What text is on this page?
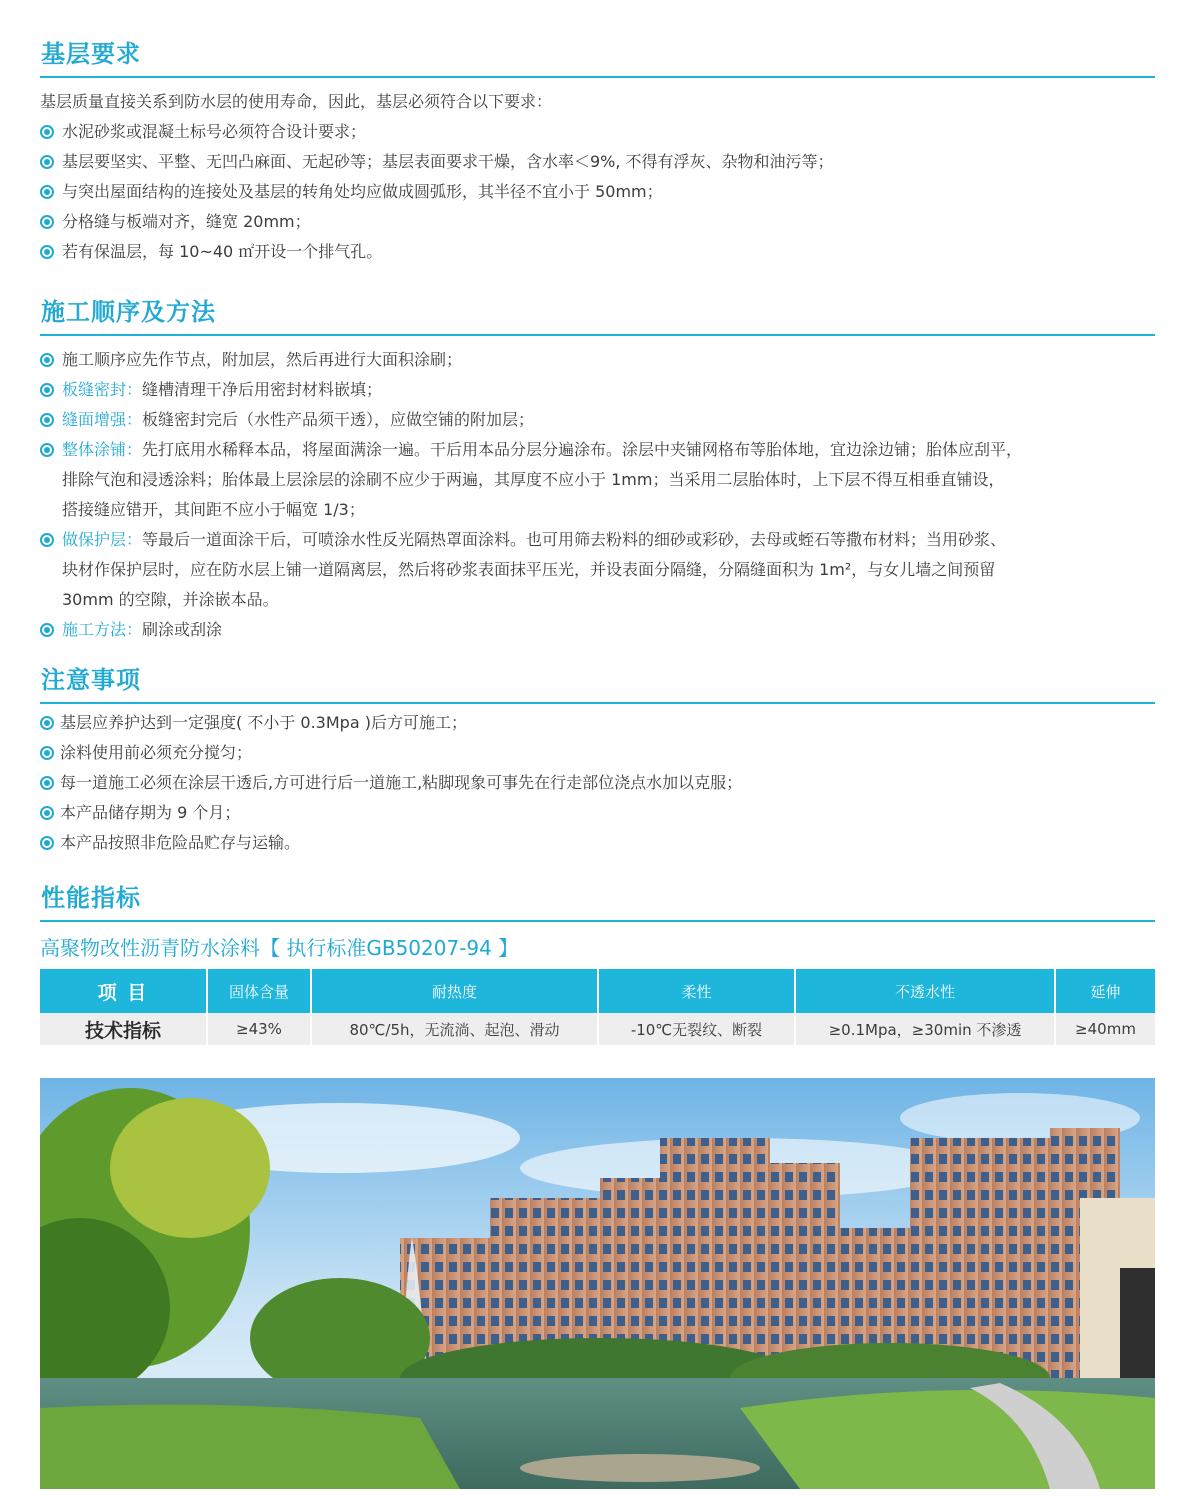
基层要求
基层质量直接关系到防水层的使用寿命，因此，基层必须符合以下要求：
水泥砂浆或混凝土标号必须符合设计要求；
基层要坚实、平整、无凹凸麻面、无起砂等；基层表面要求干燥，含水率＜9%, 不得有浮灰、杂物和油污等；
与突出屋面结构的连接处及基层的转角处均应做成圆弧形，其半径不宜小于 50mm；
分格缝与板端对齐，缝宽 20mm；
若有保温层，每 10~40 ㎡开设一个排气孔。
施工顺序及方法
施工顺序应先作节点，附加层，然后再进行大面积涂刷；
板缝密封：缝槽清理干净后用密封材料嵌填；
缝面增强：板缝密封完后（水性产品须干透），应做空铺的附加层；
整体涂铺：先打底用水稀释本品，将屋面满涂一遍。干后用本品分层分遍涂布。涂层中夹铺网格布等胎体地，宜边涂边铺；胎体应刮平，
排除气泡和浸透涂料；胎体最上层涂层的涂刷不应少于两遍，其厚度不应小于 1mm；当采用二层胎体时，上下层不得互相垂直铺设，
搭接缝应错开，其间距不应小于幅宽 1/3；
做保护层：等最后一道面涂干后，可喷涂水性反光隔热罩面涂料。也可用筛去粉料的细砂或彩砂，去母或蛭石等撒布材料；当用砂浆、
块材作保护层时，应在防水层上铺一道隔离层，然后将砂浆表面抹平压光，并设表面分隔缝，分隔缝面积为 1m²，与女儿墙之间预留
30mm 的空隙，并涂嵌本品。
施工方法：刷涂或刮涂
注意事项
基层应养护达到一定强度( 不小于 0.3Mpa )后方可施工；
涂料使用前必须充分搅匀；
每一道施工必须在涂层干透后,方可进行后一道施工,粘脚现象可事先在行走部位浇点水加以克服；
本产品储存期为 9 个月；
本产品按照非危险品贮存与运输。
性能指标
高聚物改性沥青防水涂料【 执行标准GB50207-94 】
项 目	固体含量	耐热度	柔性	不透水性	延伸
技术指标	≥43%	80℃/5h，无流淌、起泡、滑动	-10℃无裂纹、断裂	≥0.1Mpa，≥30min 不渗透	≥40mm
